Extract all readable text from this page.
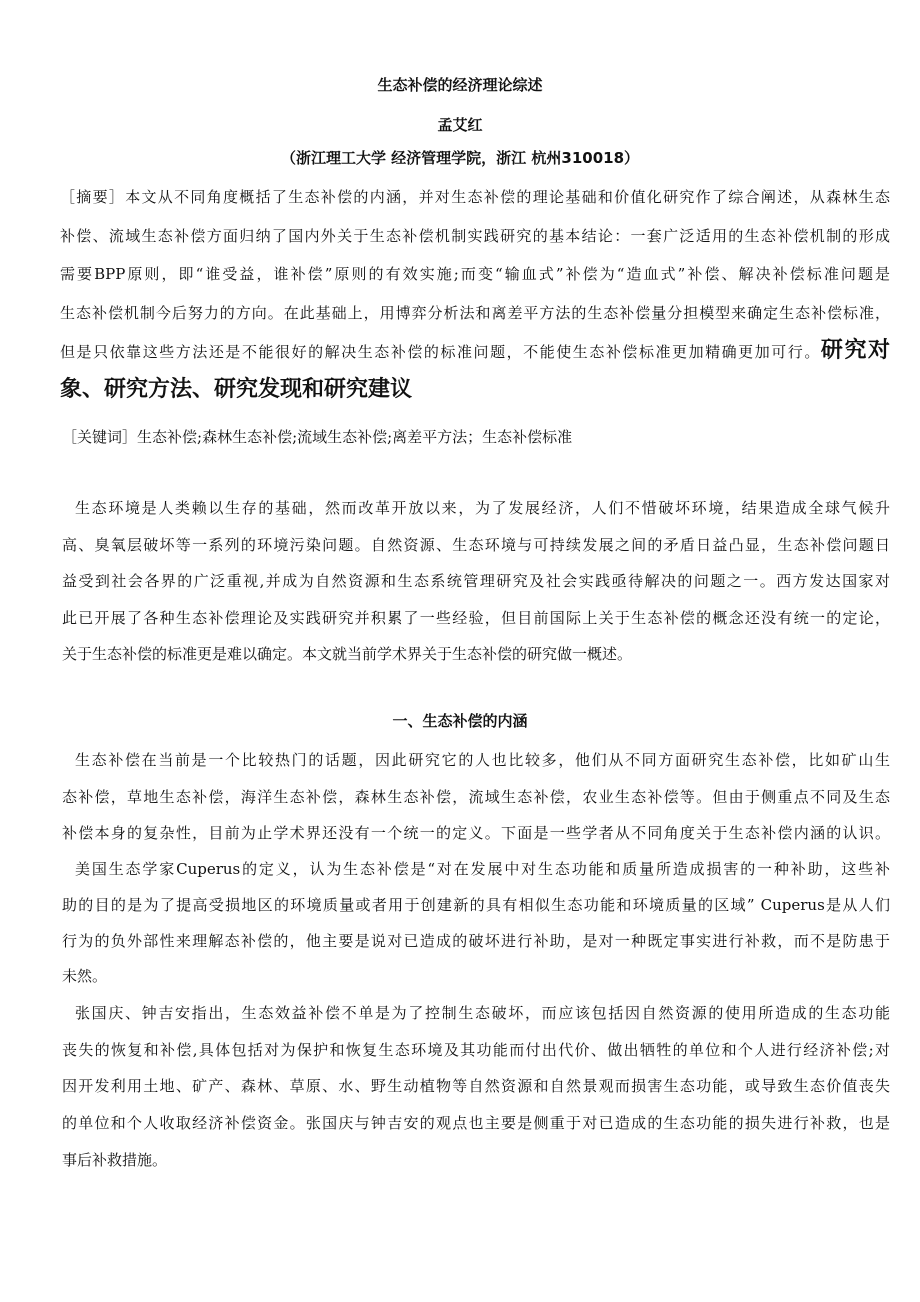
生态补偿的经济理论综述
孟艾红
（浙江理工大学 经济管理学院，浙江 杭州310018）
［摘要］本文从不同角度概括了生态补偿的内涵，并对生态补偿的理论基础和价值化研究作了综合阐述，从森林生态
补偿、流域生态补偿方面归纳了国内外关于生态补偿机制实践研究的基本结论：一套广泛适用的生态补偿机制的形成
需要BPP原则，即“谁受益，谁补偿”原则的有效实施;而变“输血式”补偿为“造血式”补偿、解决补偿标准问题是
生态补偿机制今后努力的方向。在此基础上，用博弈分析法和离差平方法的生态补偿量分担模型来确定生态补偿标准，
但是只依靠这些方法还是不能很好的解决生态补偿的标准问题，不能使生态补偿标准更加精确更加可行。研究对
象、研究方法、研究发现和研究建议
［关键词］生态补偿;森林生态补偿;流域生态补偿;离差平方法；生态补偿标准
生态环境是人类赖以生存的基础，然而改革开放以来，为了发展经济，人们不惜破坏环境，结果造成全球气候升
高、臭氧层破坏等一系列的环境污染问题。自然资源、生态环境与可持续发展之间的矛盾日益凸显，生态补偿问题日
益受到社会各界的广泛重视,并成为自然资源和生态系统管理研究及社会实践亟待解决的问题之一。西方发达国家对
此已开展了各种生态补偿理论及实践研究并积累了一些经验，但目前国际上关于生态补偿的概念还没有统一的定论，
关于生态补偿的标准更是难以确定。本文就当前学术界关于生态补偿的研究做一概述。
一、生态补偿的内涵
生态补偿在当前是一个比较热门的话题，因此研究它的人也比较多，他们从不同方面研究生态补偿，比如矿山生
态补偿，草地生态补偿，海洋生态补偿，森林生态补偿，流域生态补偿，农业生态补偿等。但由于侧重点不同及生态
补偿本身的复杂性，目前为止学术界还没有一个统一的定义。下面是一些学者从不同角度关于生态补偿内涵的认识。
美国生态学家Cuperus的定义，认为生态补偿是“对在发展中对生态功能和质量所造成损害的一种补助，这些补
助的目的是为了提高受损地区的环境质量或者用于创建新的具有相似生态功能和环境质量的区域” Cuperus是从人们
行为的负外部性来理解态补偿的，他主要是说对已造成的破坏进行补助，是对一种既定事实进行补救，而不是防患于
未然。
张国庆、钟吉安指出，生态效益补偿不单是为了控制生态破坏，而应该包括因自然资源的使用所造成的生态功能
丧失的恢复和补偿,具体包括对为保护和恢复生态环境及其功能而付出代价、做出牺牲的单位和个人进行经济补偿;对
因开发利用土地、矿产、森林、草原、水、野生动植物等自然资源和自然景观而损害生态功能，或导致生态价值丧失
的单位和个人收取经济补偿资金。张国庆与钟吉安的观点也主要是侧重于对已造成的生态功能的损失进行补救，也是
事后补救措施。
